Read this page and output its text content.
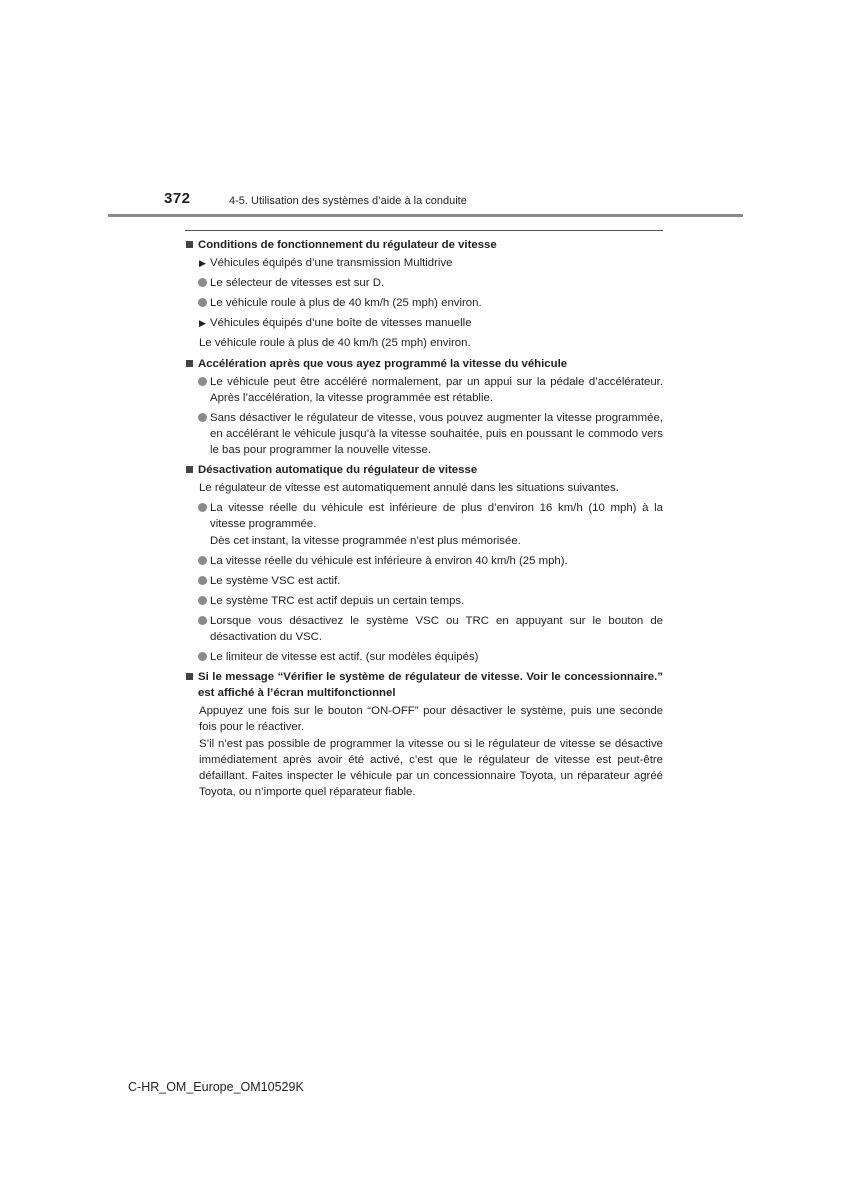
372	4-5. Utilisation des systèmes d’aide à la conduite
Conditions de fonctionnement du régulateur de vitesse
▶ Véhicules équipés d’une transmission Multidrive
Le sélecteur de vitesses est sur D.
Le véhicule roule à plus de 40 km/h (25 mph) environ.
▶ Véhicules équipés d’une boîte de vitesses manuelle
Le véhicule roule à plus de 40 km/h (25 mph) environ.
Accélération après que vous ayez programmé la vitesse du véhicule
Le véhicule peut être accéléré normalement, par un appui sur la pédale d’accélérateur. Après l’accélération, la vitesse programmée est rétablie.
Sans désactiver le régulateur de vitesse, vous pouvez augmenter la vitesse programmée, en accélérant le véhicule jusqu’à la vitesse souhaitée, puis en poussant le commodo vers le bas pour programmer la nouvelle vitesse.
Désactivation automatique du régulateur de vitesse
Le régulateur de vitesse est automatiquement annulé dans les situations suivantes.
La vitesse réelle du véhicule est inférieure de plus d’environ 16 km/h (10 mph) à la vitesse programmée.
Dès cet instant, la vitesse programmée n’est plus mémorisée.
La vitesse réelle du véhicule est inférieure à environ 40 km/h (25 mph).
Le système VSC est actif.
Le système TRC est actif depuis un certain temps.
Lorsque vous désactivez le système VSC ou TRC en appuyant sur le bouton de désactivation du VSC.
Le limiteur de vitesse est actif. (sur modèles équipés)
Si le message “Vérifier le système de régulateur de vitesse. Voir le concessionnaire.” est affiché à l’écran multifonctionnel
Appuyez une fois sur le bouton “ON-OFF” pour désactiver le système, puis une seconde fois pour le réactiver.
S’il n’est pas possible de programmer la vitesse ou si le régulateur de vitesse se désactive immédiatement après avoir été activé, c’est que le régulateur de vitesse est peut-être défaillant. Faites inspecter le véhicule par un concessionnaire Toyota, un réparateur agréé Toyota, ou n’importe quel réparateur fiable.
C-HR_OM_Europe_OM10529K
